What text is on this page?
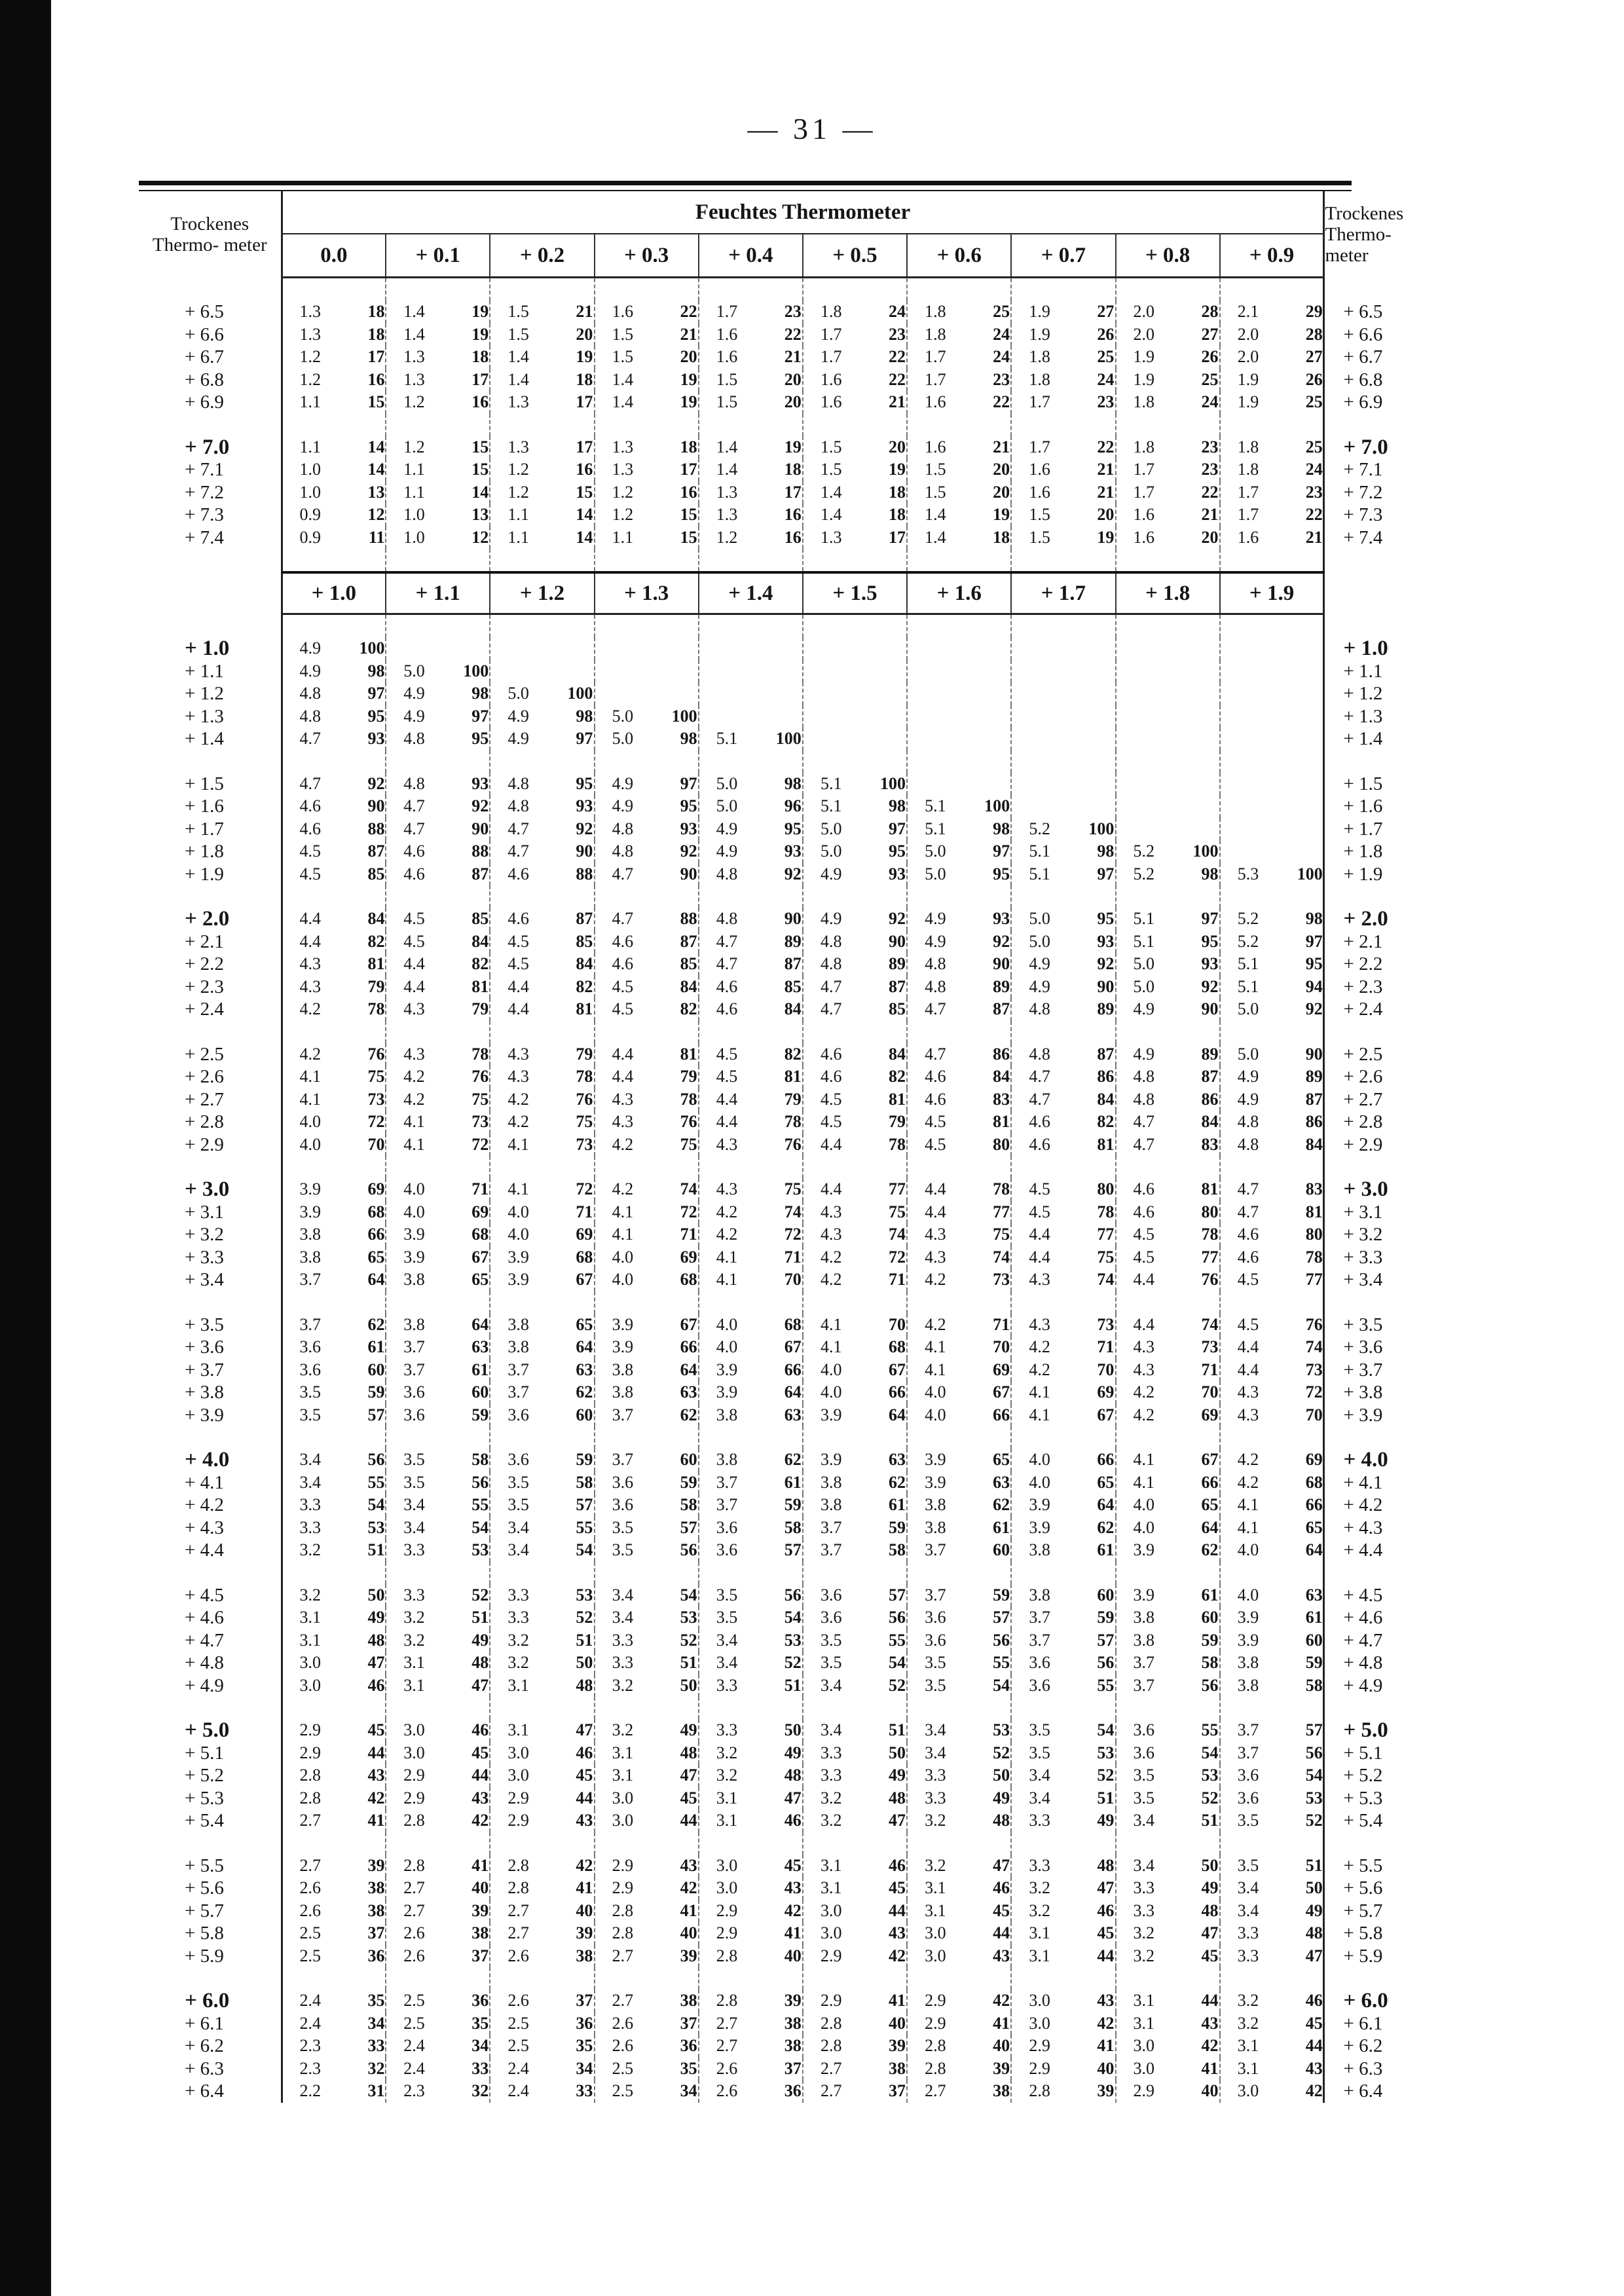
— 31 —
Trockenes Thermo- meter	Feuchtes Thermometer										Trockenes Thermo- meter
	0.0	+ 0.1	+ 0.2	+ 0.3	+ 0.4	+ 0.5	+ 0.6	+ 0.7	+ 0.8	+ 0.9	

+ 6.5	1.3 18	1.4 19	1.5 21	1.6 22	1.7 23	1.8 24	1.8 25	1.9 27	2.0 28	2.1 29	+ 6.5
+ 6.6	1.3 18	1.4 19	1.5 20	1.5 21	1.6 22	1.7 23	1.8 24	1.9 26	2.0 27	2.0 28	+ 6.6
+ 6.7	1.2 17	1.3 18	1.4 19	1.5 20	1.6 21	1.7 22	1.7 24	1.8 25	1.9 26	2.0 27	+ 6.7
+ 6.8	1.2 16	1.3 17	1.4 18	1.4 19	1.5 20	1.6 22	1.7 23	1.8 24	1.9 25	1.9 26	+ 6.8
+ 6.9	1.1 15	1.2 16	1.3 17	1.4 19	1.5 20	1.6 21	1.6 22	1.7 23	1.8 24	1.9 25	+ 6.9

+ 7.0	1.1 14	1.2 15	1.3 17	1.3 18	1.4 19	1.5 20	1.6 21	1.7 22	1.8 23	1.8 25	+ 7.0
+ 7.1	1.0 14	1.1 15	1.2 16	1.3 17	1.4 18	1.5 19	1.5 20	1.6 21	1.7 23	1.8 24	+ 7.1
+ 7.2	1.0 13	1.1 14	1.2 15	1.2 16	1.3 17	1.4 18	1.5 20	1.6 21	1.7 22	1.7 23	+ 7.2
+ 7.3	0.9 12	1.0 13	1.1 14	1.2 15	1.3 16	1.4 18	1.4 19	1.5 20	1.6 21	1.7 22	+ 7.3
+ 7.4	0.9 11	1.0 12	1.1 14	1.1 15	1.2 16	1.3 17	1.4 18	1.5 19	1.6 20	1.6 21	+ 7.4

	+ 1.0	+ 1.1	+ 1.2	+ 1.3	+ 1.4	+ 1.5	+ 1.6	+ 1.7	+ 1.8	+ 1.9	

+ 1.0	4.9 100										+ 1.0
+ 1.1	4.9 98	5.0 100									+ 1.1
+ 1.2	4.8 97	4.9 98	5.0 100								+ 1.2
+ 1.3	4.8 95	4.9 97	4.9 98	5.0 100							+ 1.3
+ 1.4	4.7 93	4.8 95	4.9 97	5.0 98	5.1 100						+ 1.4

+ 1.5	4.7 92	4.8 93	4.8 95	4.9 97	5.0 98	5.1 100					+ 1.5
+ 1.6	4.6 90	4.7 92	4.8 93	4.9 95	5.0 96	5.1 98	5.1 100				+ 1.6
+ 1.7	4.6 88	4.7 90	4.7 92	4.8 93	4.9 95	5.0 97	5.1 98	5.2 100			+ 1.7
+ 1.8	4.5 87	4.6 88	4.7 90	4.8 92	4.9 93	5.0 95	5.0 97	5.1 98	5.2 100		+ 1.8
+ 1.9	4.5 85	4.6 87	4.6 88	4.7 90	4.8 92	4.9 93	5.0 95	5.1 97	5.2 98	5.3 100	+ 1.9

+ 2.0	4.4 84	4.5 85	4.6 87	4.7 88	4.8 90	4.9 92	4.9 93	5.0 95	5.1 97	5.2 98	+ 2.0
+ 2.1	4.4 82	4.5 84	4.5 85	4.6 87	4.7 89	4.8 90	4.9 92	5.0 93	5.1 95	5.2 97	+ 2.1
+ 2.2	4.3 81	4.4 82	4.5 84	4.6 85	4.7 87	4.8 89	4.8 90	4.9 92	5.0 93	5.1 95	+ 2.2
+ 2.3	4.3 79	4.4 81	4.4 82	4.5 84	4.6 85	4.7 87	4.8 89	4.9 90	5.0 92	5.1 94	+ 2.3
+ 2.4	4.2 78	4.3 79	4.4 81	4.5 82	4.6 84	4.7 85	4.7 87	4.8 89	4.9 90	5.0 92	+ 2.4

+ 2.5	4.2 76	4.3 78	4.3 79	4.4 81	4.5 82	4.6 84	4.7 86	4.8 87	4.9 89	5.0 90	+ 2.5
+ 2.6	4.1 75	4.2 76	4.3 78	4.4 79	4.5 81	4.6 82	4.6 84	4.7 86	4.8 87	4.9 89	+ 2.6
+ 2.7	4.1 73	4.2 75	4.2 76	4.3 78	4.4 79	4.5 81	4.6 83	4.7 84	4.8 86	4.9 87	+ 2.7
+ 2.8	4.0 72	4.1 73	4.2 75	4.3 76	4.4 78	4.5 79	4.5 81	4.6 82	4.7 84	4.8 86	+ 2.8
+ 2.9	4.0 70	4.1 72	4.1 73	4.2 75	4.3 76	4.4 78	4.5 80	4.6 81	4.7 83	4.8 84	+ 2.9

+ 3.0	3.9 69	4.0 71	4.1 72	4.2 74	4.3 75	4.4 77	4.4 78	4.5 80	4.6 81	4.7 83	+ 3.0
+ 3.1	3.9 68	4.0 69	4.0 71	4.1 72	4.2 74	4.3 75	4.4 77	4.5 78	4.6 80	4.7 81	+ 3.1
+ 3.2	3.8 66	3.9 68	4.0 69	4.1 71	4.2 72	4.3 74	4.3 75	4.4 77	4.5 78	4.6 80	+ 3.2
+ 3.3	3.8 65	3.9 67	3.9 68	4.0 69	4.1 71	4.2 72	4.3 74	4.4 75	4.5 77	4.6 78	+ 3.3
+ 3.4	3.7 64	3.8 65	3.9 67	4.0 68	4.1 70	4.2 71	4.2 73	4.3 74	4.4 76	4.5 77	+ 3.4

+ 3.5	3.7 62	3.8 64	3.8 65	3.9 67	4.0 68	4.1 70	4.2 71	4.3 73	4.4 74	4.5 76	+ 3.5
+ 3.6	3.6 61	3.7 63	3.8 64	3.9 66	4.0 67	4.1 68	4.1 70	4.2 71	4.3 73	4.4 74	+ 3.6
+ 3.7	3.6 60	3.7 61	3.7 63	3.8 64	3.9 66	4.0 67	4.1 69	4.2 70	4.3 71	4.4 73	+ 3.7
+ 3.8	3.5 59	3.6 60	3.7 62	3.8 63	3.9 64	4.0 66	4.0 67	4.1 69	4.2 70	4.3 72	+ 3.8
+ 3.9	3.5 57	3.6 59	3.6 60	3.7 62	3.8 63	3.9 64	4.0 66	4.1 67	4.2 69	4.3 70	+ 3.9

+ 4.0	3.4 56	3.5 58	3.6 59	3.7 60	3.8 62	3.9 63	3.9 65	4.0 66	4.1 67	4.2 69	+ 4.0
+ 4.1	3.4 55	3.5 56	3.5 58	3.6 59	3.7 61	3.8 62	3.9 63	4.0 65	4.1 66	4.2 68	+ 4.1
+ 4.2	3.3 54	3.4 55	3.5 57	3.6 58	3.7 59	3.8 61	3.8 62	3.9 64	4.0 65	4.1 66	+ 4.2
+ 4.3	3.3 53	3.4 54	3.4 55	3.5 57	3.6 58	3.7 59	3.8 61	3.9 62	4.0 64	4.1 65	+ 4.3
+ 4.4	3.2 51	3.3 53	3.4 54	3.5 56	3.6 57	3.7 58	3.7 60	3.8 61	3.9 62	4.0 64	+ 4.4

+ 4.5	3.2 50	3.3 52	3.3 53	3.4 54	3.5 56	3.6 57	3.7 59	3.8 60	3.9 61	4.0 63	+ 4.5
+ 4.6	3.1 49	3.2 51	3.3 52	3.4 53	3.5 54	3.6 56	3.6 57	3.7 59	3.8 60	3.9 61	+ 4.6
+ 4.7	3.1 48	3.2 49	3.2 51	3.3 52	3.4 53	3.5 55	3.6 56	3.7 57	3.8 59	3.9 60	+ 4.7
+ 4.8	3.0 47	3.1 48	3.2 50	3.3 51	3.4 52	3.5 54	3.5 55	3.6 56	3.7 58	3.8 59	+ 4.8
+ 4.9	3.0 46	3.1 47	3.1 48	3.2 50	3.3 51	3.4 52	3.5 54	3.6 55	3.7 56	3.8 58	+ 4.9

+ 5.0	2.9 45	3.0 46	3.1 47	3.2 49	3.3 50	3.4 51	3.4 53	3.5 54	3.6 55	3.7 57	+ 5.0
+ 5.1	2.9 44	3.0 45	3.0 46	3.1 48	3.2 49	3.3 50	3.4 52	3.5 53	3.6 54	3.7 56	+ 5.1
+ 5.2	2.8 43	2.9 44	3.0 45	3.1 47	3.2 48	3.3 49	3.3 50	3.4 52	3.5 53	3.6 54	+ 5.2
+ 5.3	2.8 42	2.9 43	2.9 44	3.0 45	3.1 47	3.2 48	3.3 49	3.4 51	3.5 52	3.6 53	+ 5.3
+ 5.4	2.7 41	2.8 42	2.9 43	3.0 44	3.1 46	3.2 47	3.2 48	3.3 49	3.4 51	3.5 52	+ 5.4

+ 5.5	2.7 39	2.8 41	2.8 42	2.9 43	3.0 45	3.1 46	3.2 47	3.3 48	3.4 50	3.5 51	+ 5.5
+ 5.6	2.6 38	2.7 40	2.8 41	2.9 42	3.0 43	3.1 45	3.1 46	3.2 47	3.3 49	3.4 50	+ 5.6
+ 5.7	2.6 38	2.7 39	2.7 40	2.8 41	2.9 42	3.0 44	3.1 45	3.2 46	3.3 48	3.4 49	+ 5.7
+ 5.8	2.5 37	2.6 38	2.7 39	2.8 40	2.9 41	3.0 43	3.0 44	3.1 45	3.2 47	3.3 48	+ 5.8
+ 5.9	2.5 36	2.6 37	2.6 38	2.7 39	2.8 40	2.9 42	3.0 43	3.1 44	3.2 45	3.3 47	+ 5.9

+ 6.0	2.4 35	2.5 36	2.6 37	2.7 38	2.8 39	2.9 41	2.9 42	3.0 43	3.1 44	3.2 46	+ 6.0
+ 6.1	2.4 34	2.5 35	2.5 36	2.6 37	2.7 38	2.8 40	2.9 41	3.0 42	3.1 43	3.2 45	+ 6.1
+ 6.2	2.3 33	2.4 34	2.5 35	2.6 36	2.7 38	2.8 39	2.8 40	2.9 41	3.0 42	3.1 44	+ 6.2
+ 6.3	2.3 32	2.4 33	2.4 34	2.5 35	2.6 37	2.7 38	2.8 39	2.9 40	3.0 41	3.1 43	+ 6.3
+ 6.4	2.2 31	2.3 32	2.4 33	2.5 34	2.6 36	2.7 37	2.7 38	2.8 39	2.9 40	3.0 42	+ 6.4
